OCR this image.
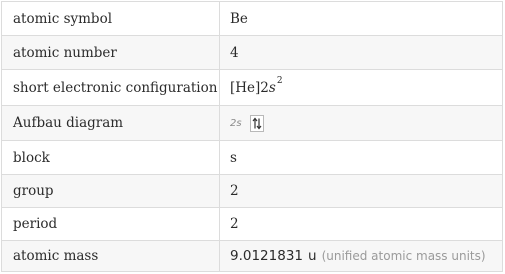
atomic symbol	Be
atomic number	4
short electronic configuration [He]2 s 2
Aufbau diagram	2s
block	s
group	2
period	2
atomic mass	9.0121831 u (unified atomic mass units)
